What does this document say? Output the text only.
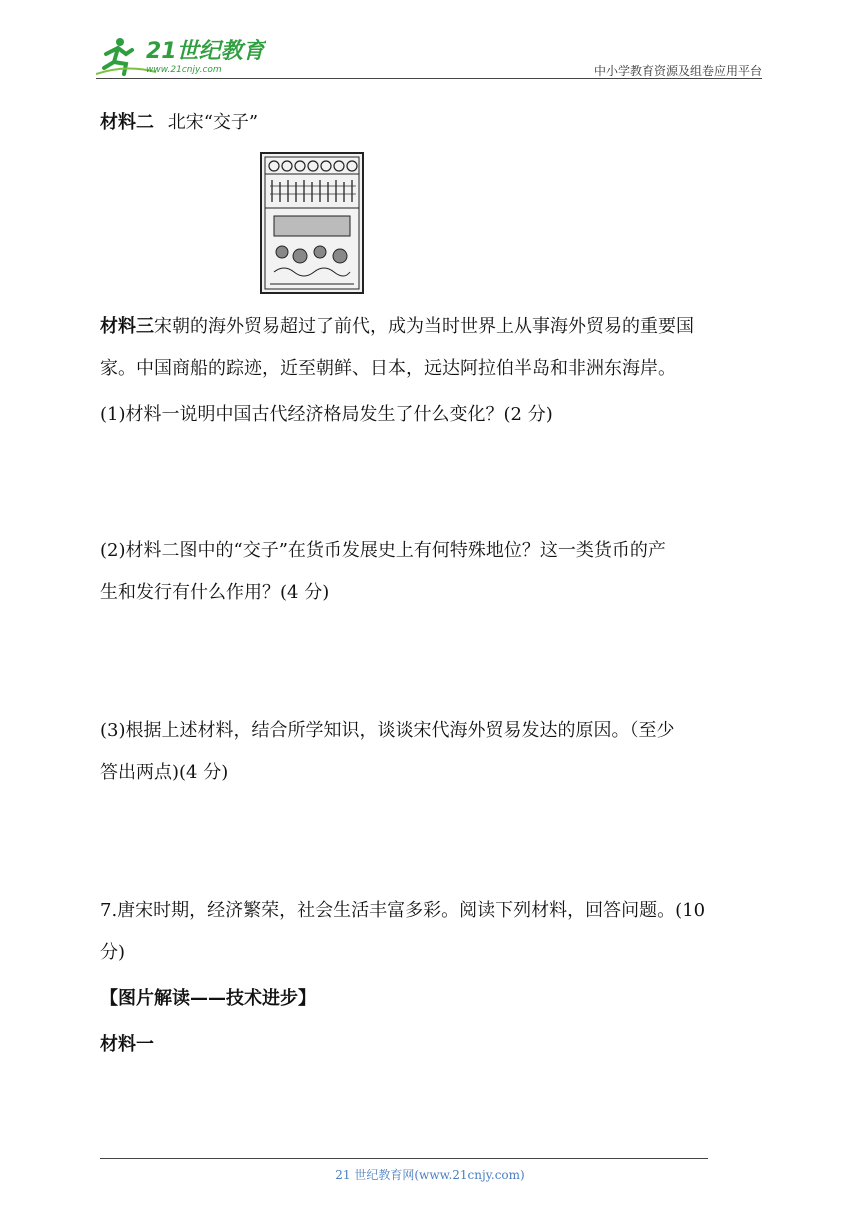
21世纪教育
www.21cnjy.com	中小学教育资源及组卷应用平台
材料二 北宋“交子”
材料三宋朝的海外贸易超过了前代，成为当时世界上从事海外贸易的重要国
家。中国商船的踪迹，近至朝鲜、日本，远达阿拉伯半岛和非洲东海岸。
(1)材料一说明中国古代经济格局发生了什么变化？(2 分)
(2)材料二图中的“交子”在货币发展史上有何特殊地位？这一类货币的产
生和发行有什么作用？(4 分)
(3)根据上述材料，结合所学知识，谈谈宋代海外贸易发达的原因。（至少
答出两点)(4 分)
7.唐宋时期，经济繁荣，社会生活丰富多彩。阅读下列材料，回答问题。(10
分)
【图片解读——技术进步】
材料一
21 世纪教育网(www.21cnjy.com)
